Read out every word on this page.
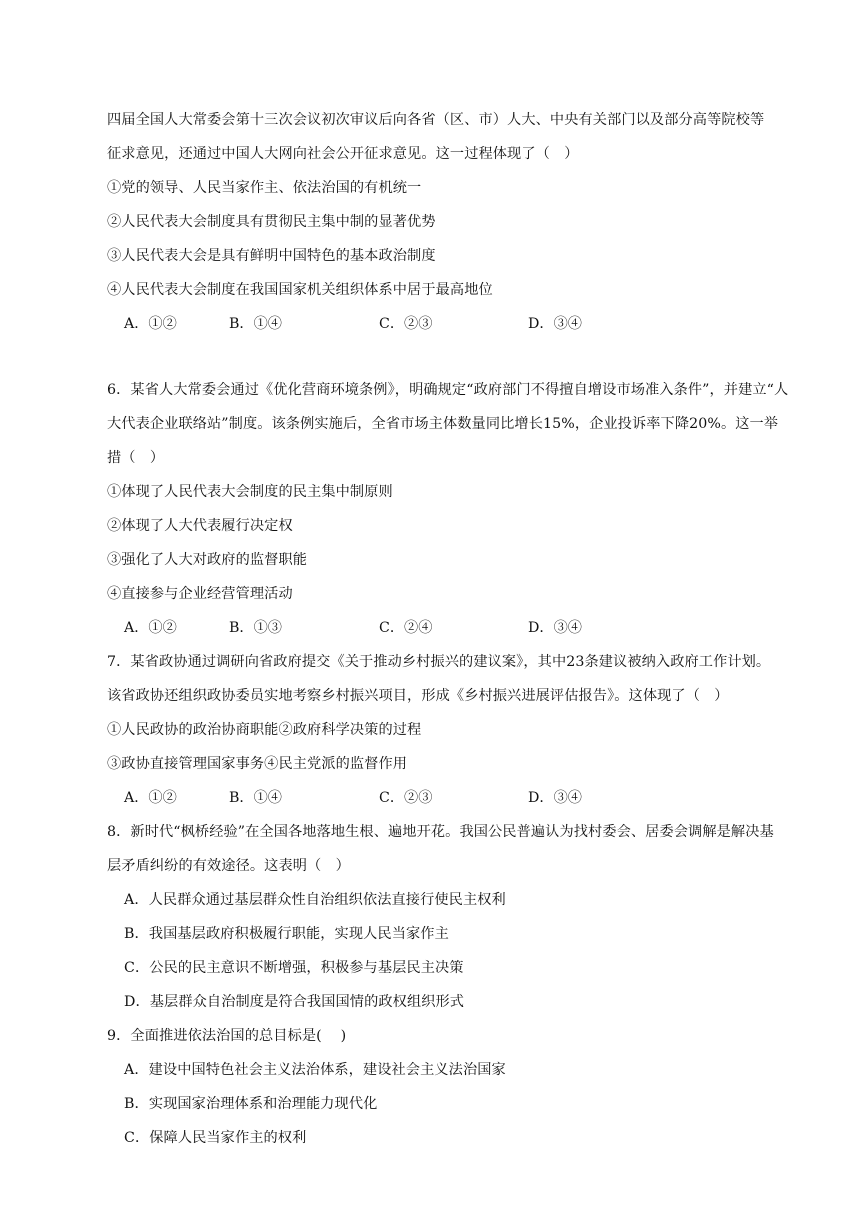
四届全国人大常委会第十三次会议初次审议后向各省（区、市）人大、中央有关部门以及部分高等院校等
征求意见，还通过中国人大网向社会公开征求意见。这一过程体现了（　）
①党的领导、人民当家作主、依法治国的有机统一
②人民代表大会制度具有贯彻民主集中制的显著优势
③人民代表大会是具有鲜明中国特色的基本政治制度
④人民代表大会制度在我国国家机关组织体系中居于最高地位
A．①②	B．①④	C．②③	D．③④
6．某省人大常委会通过《优化营商环境条例》，明确规定“政府部门不得擅自增设市场准入条件”，并建立“人
大代表企业联络站”制度。该条例实施后，全省市场主体数量同比增长15%，企业投诉率下降20%。这一举
措（　）
①体现了人民代表大会制度的民主集中制原则
②体现了人大代表履行决定权
③强化了人大对政府的监督职能
④直接参与企业经营管理活动
A．①②	B．①③	C．②④	D．③④
7．某省政协通过调研向省政府提交《关于推动乡村振兴的建议案》，其中23条建议被纳入政府工作计划。
该省政协还组织政协委员实地考察乡村振兴项目，形成《乡村振兴进展评估报告》。这体现了（　）
①人民政协的政治协商职能②政府科学决策的过程
③政协直接管理国家事务④民主党派的监督作用
A．①②	B．①④	C．②③	D．③④
8．新时代“枫桥经验”在全国各地落地生根、遍地开花。我国公民普遍认为找村委会、居委会调解是解决基
层矛盾纠纷的有效途径。这表明（　）
A．人民群众通过基层群众性自治组织依法直接行使民主权利
B．我国基层政府积极履行职能，实现人民当家作主
C．公民的民主意识不断增强，积极参与基层民主决策
D．基层群众自治制度是符合我国国情的政权组织形式
9．全面推进依法治国的总目标是(　 )
A．建设中国特色社会主义法治体系，建设社会主义法治国家
B．实现国家治理体系和治理能力现代化
C．保障人民当家作主的权利
